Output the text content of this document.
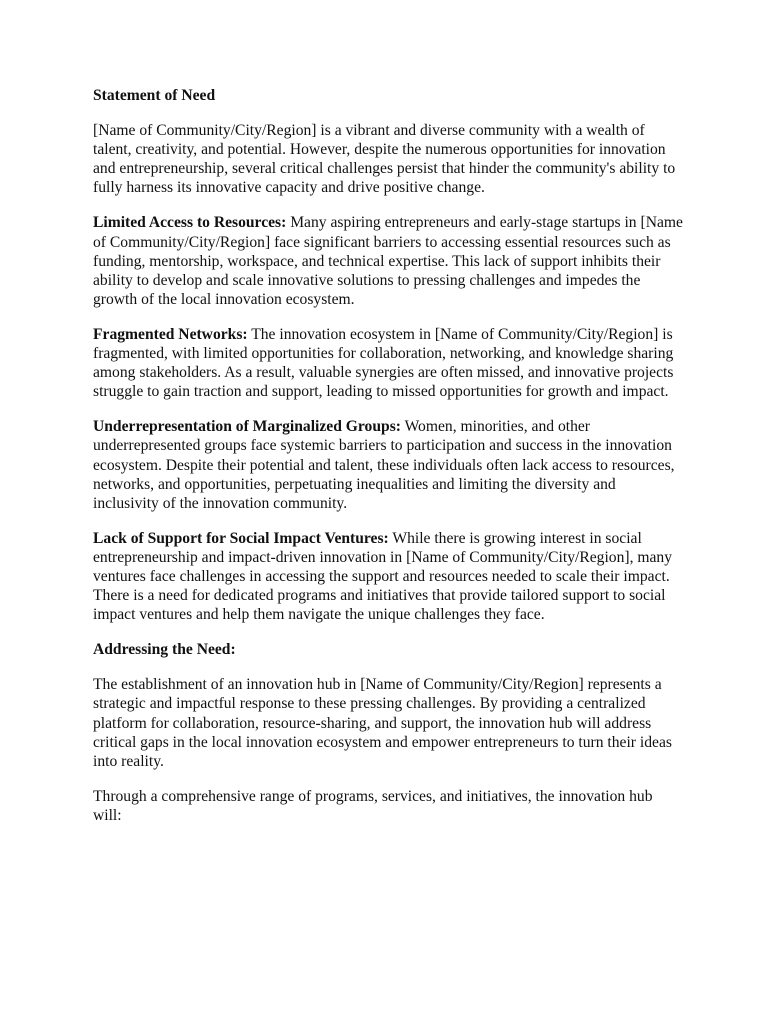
Statement of Need
[Name of Community/City/Region] is a vibrant and diverse community with a wealth of talent, creativity, and potential. However, despite the numerous opportunities for innovation and entrepreneurship, several critical challenges persist that hinder the community's ability to fully harness its innovative capacity and drive positive change.
Limited Access to Resources: Many aspiring entrepreneurs and early-stage startups in [Name of Community/City/Region] face significant barriers to accessing essential resources such as funding, mentorship, workspace, and technical expertise. This lack of support inhibits their ability to develop and scale innovative solutions to pressing challenges and impedes the growth of the local innovation ecosystem.
Fragmented Networks: The innovation ecosystem in [Name of Community/City/Region] is fragmented, with limited opportunities for collaboration, networking, and knowledge sharing among stakeholders. As a result, valuable synergies are often missed, and innovative projects struggle to gain traction and support, leading to missed opportunities for growth and impact.
Underrepresentation of Marginalized Groups: Women, minorities, and other underrepresented groups face systemic barriers to participation and success in the innovation ecosystem. Despite their potential and talent, these individuals often lack access to resources, networks, and opportunities, perpetuating inequalities and limiting the diversity and inclusivity of the innovation community.
Lack of Support for Social Impact Ventures: While there is growing interest in social entrepreneurship and impact-driven innovation in [Name of Community/City/Region], many ventures face challenges in accessing the support and resources needed to scale their impact. There is a need for dedicated programs and initiatives that provide tailored support to social impact ventures and help them navigate the unique challenges they face.
Addressing the Need:
The establishment of an innovation hub in [Name of Community/City/Region] represents a strategic and impactful response to these pressing challenges. By providing a centralized platform for collaboration, resource-sharing, and support, the innovation hub will address critical gaps in the local innovation ecosystem and empower entrepreneurs to turn their ideas into reality.
Through a comprehensive range of programs, services, and initiatives, the innovation hub will:
